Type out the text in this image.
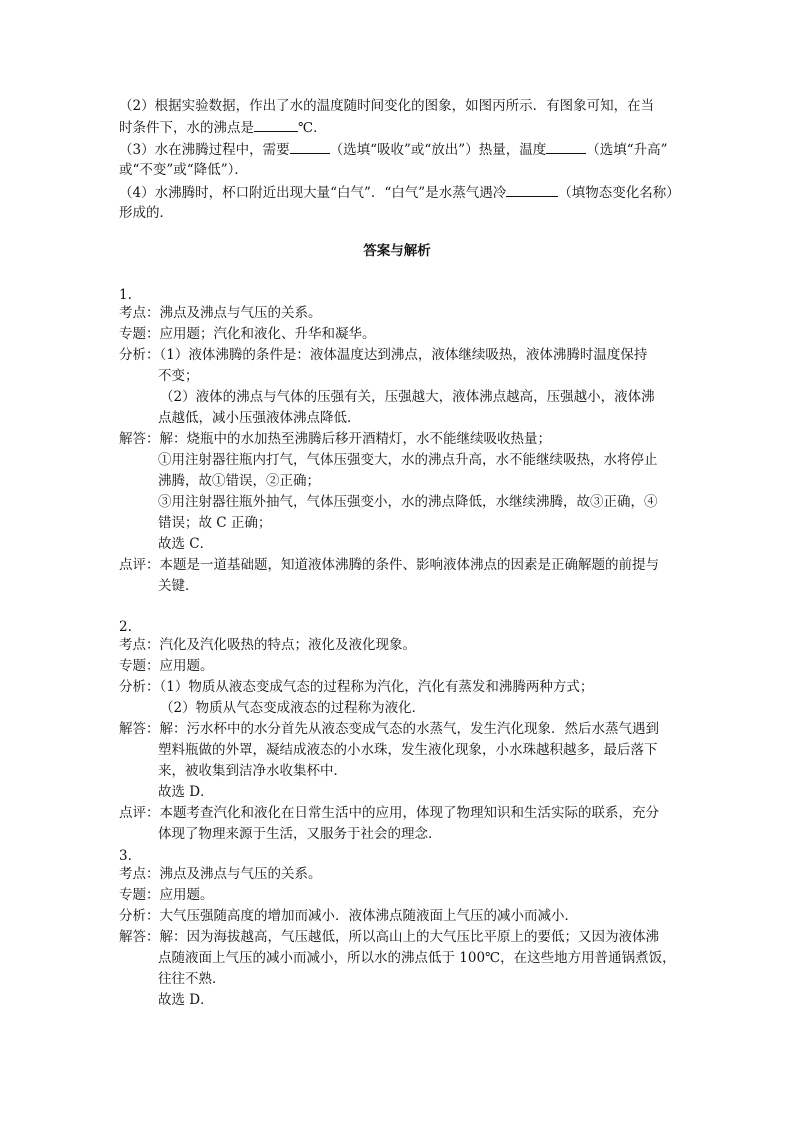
（2）根据实验数据，作出了水的温度随时间变化的图象，如图丙所示．有图象可知，在当
时条件下，水的沸点是	℃．
（3）水在沸腾过程中，需要	（选填“吸收”或“放出”）热量，温度	（选填“升高”
或“不变”或“降低”）．
（4）水沸腾时，杯口附近出现大量“白气”．“白气”是水蒸气遇冷	（填物态变化名称）
形成的．
答案与解析
1.
考点：沸点及沸点与气压的关系。
专题：应用题；汽化和液化、升华和凝华。
分析：（1）液体沸腾的条件是：液体温度达到沸点，液体继续吸热，液体沸腾时温度保持
不变；
（2）液体的沸点与气体的压强有关，压强越大，液体沸点越高，压强越小，液体沸
点越低，减小压强液体沸点降低．
解答：解：烧瓶中的水加热至沸腾后移开酒精灯，水不能继续吸收热量；
①用注射器往瓶内打气，气体压强变大，水的沸点升高，水不能继续吸热，水将停止
沸腾，故①错误，②正确；
③用注射器往瓶外抽气，气体压强变小，水的沸点降低，水继续沸腾，故③正确，④
错误；故 C 正确；
故选 C．
点评：本题是一道基础题，知道液体沸腾的条件、影响液体沸点的因素是正确解题的前提与
关键．
2.
考点：汽化及汽化吸热的特点；液化及液化现象。
专题：应用题。
分析：（1）物质从液态变成气态的过程称为汽化，汽化有蒸发和沸腾两种方式；
（2）物质从气态变成液态的过程称为液化．
解答：解：污水杯中的水分首先从液态变成气态的水蒸气，发生汽化现象．然后水蒸气遇到
塑料瓶做的外罩，凝结成液态的小水珠，发生液化现象，小水珠越积越多，最后落下
来，被收集到洁净水收集杯中．
故选 D．
点评：本题考查汽化和液化在日常生活中的应用，体现了物理知识和生活实际的联系，充分
体现了物理来源于生活，又服务于社会的理念．
3.
考点：沸点及沸点与气压的关系。
专题：应用题。
分析：大气压强随高度的增加而减小．液体沸点随液面上气压的减小而减小．
解答：解：因为海拔越高，气压越低，所以高山上的大气压比平原上的要低；又因为液体沸
点随液面上气压的减小而减小，所以水的沸点低于 100℃，在这些地方用普通锅煮饭，
往往不熟．
故选 D．
